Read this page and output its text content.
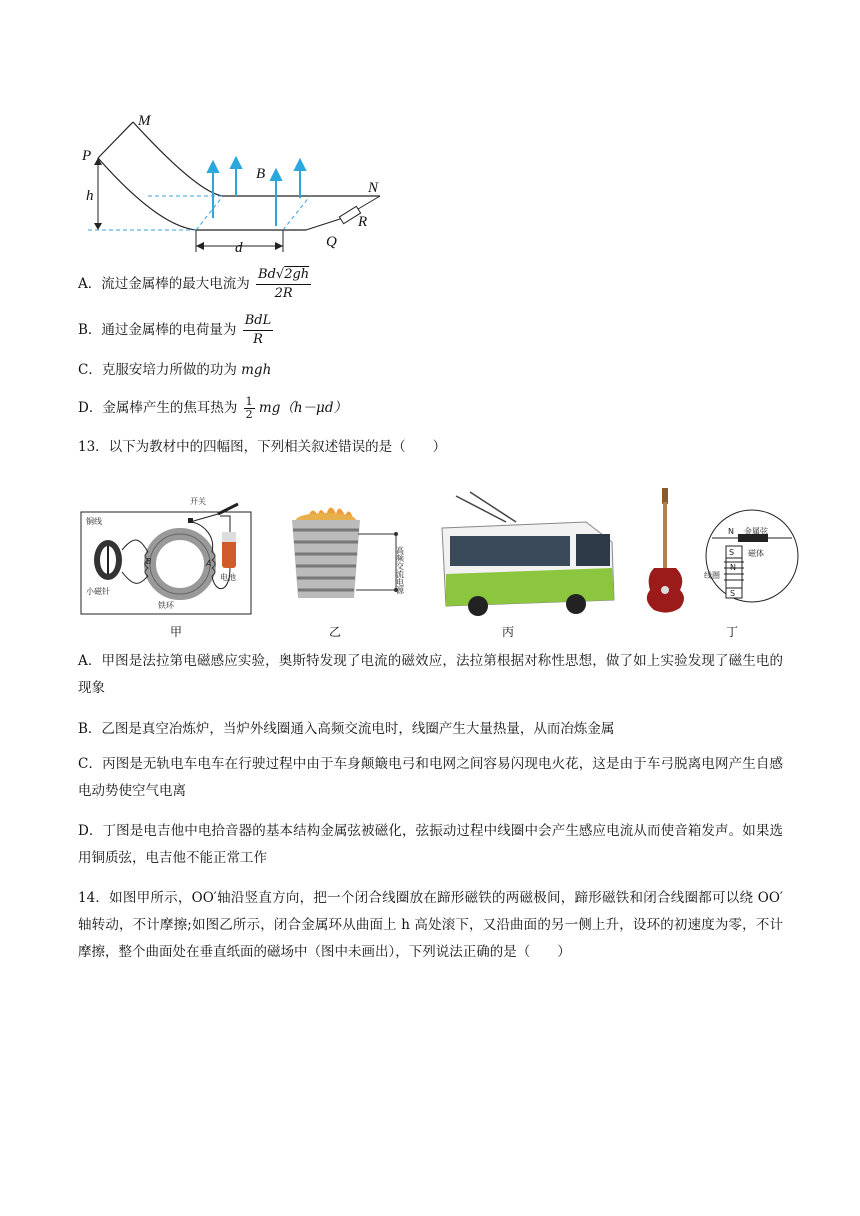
M
P
B
N
h
R
Q
d
A．流过金属棒的最大电流为 $\frac{Bd√2gh}{2R}$
B．通过金属棒的电荷量为 $\frac{\text{BdL}}{R}$
C．克服安培力所做的功为 mgh
D．金属棒产生的焦耳热为 $\frac{1}{2} mg(h-\mu d)$
13．以下为教材中的四幅图，下列相关叙述错误的是（　　）
开关
铜线
B	A
电池
小磁针
铁环
甲
高频交流电源
乙	丙
N 金属弦
S 磁体
N
线圈
S
丁
A．甲图是法拉第电磁感应实验，奥斯特发现了电流的磁效应，法拉第根据对称性思想，做了如上实验发现了磁生电的现象
B．乙图是真空冶炼炉，当炉外线圈通入高频交流电时，线圈产生大量热量，从而冶炼金属
C．丙图是无轨电车电车在行驶过程中由于车身颠簸电弓和电网之间容易闪现电火花，这是由于车弓脱离电网产生自感电动势使空气电离
D．丁图是电吉他中电拾音器的基本结构金属弦被磁化，弦振动过程中线圈中会产生感应电流从而使音箱发声。如果选用铜质弦，电吉他不能正常工作
14．如图甲所示，OO′轴沿竖直方向，把一个闭合线圈放在蹄形磁铁的两磁极间，蹄形磁铁和闭合线圈都可以绕 OO′轴转动，不计摩擦;如图乙所示，闭合金属环从曲面上 h 高处滚下，又沿曲面的另一侧上升，设环的初速度为零，不计摩擦，整个曲面处在垂直纸面的磁场中（图中未画出），下列说法正确的是（　　）
